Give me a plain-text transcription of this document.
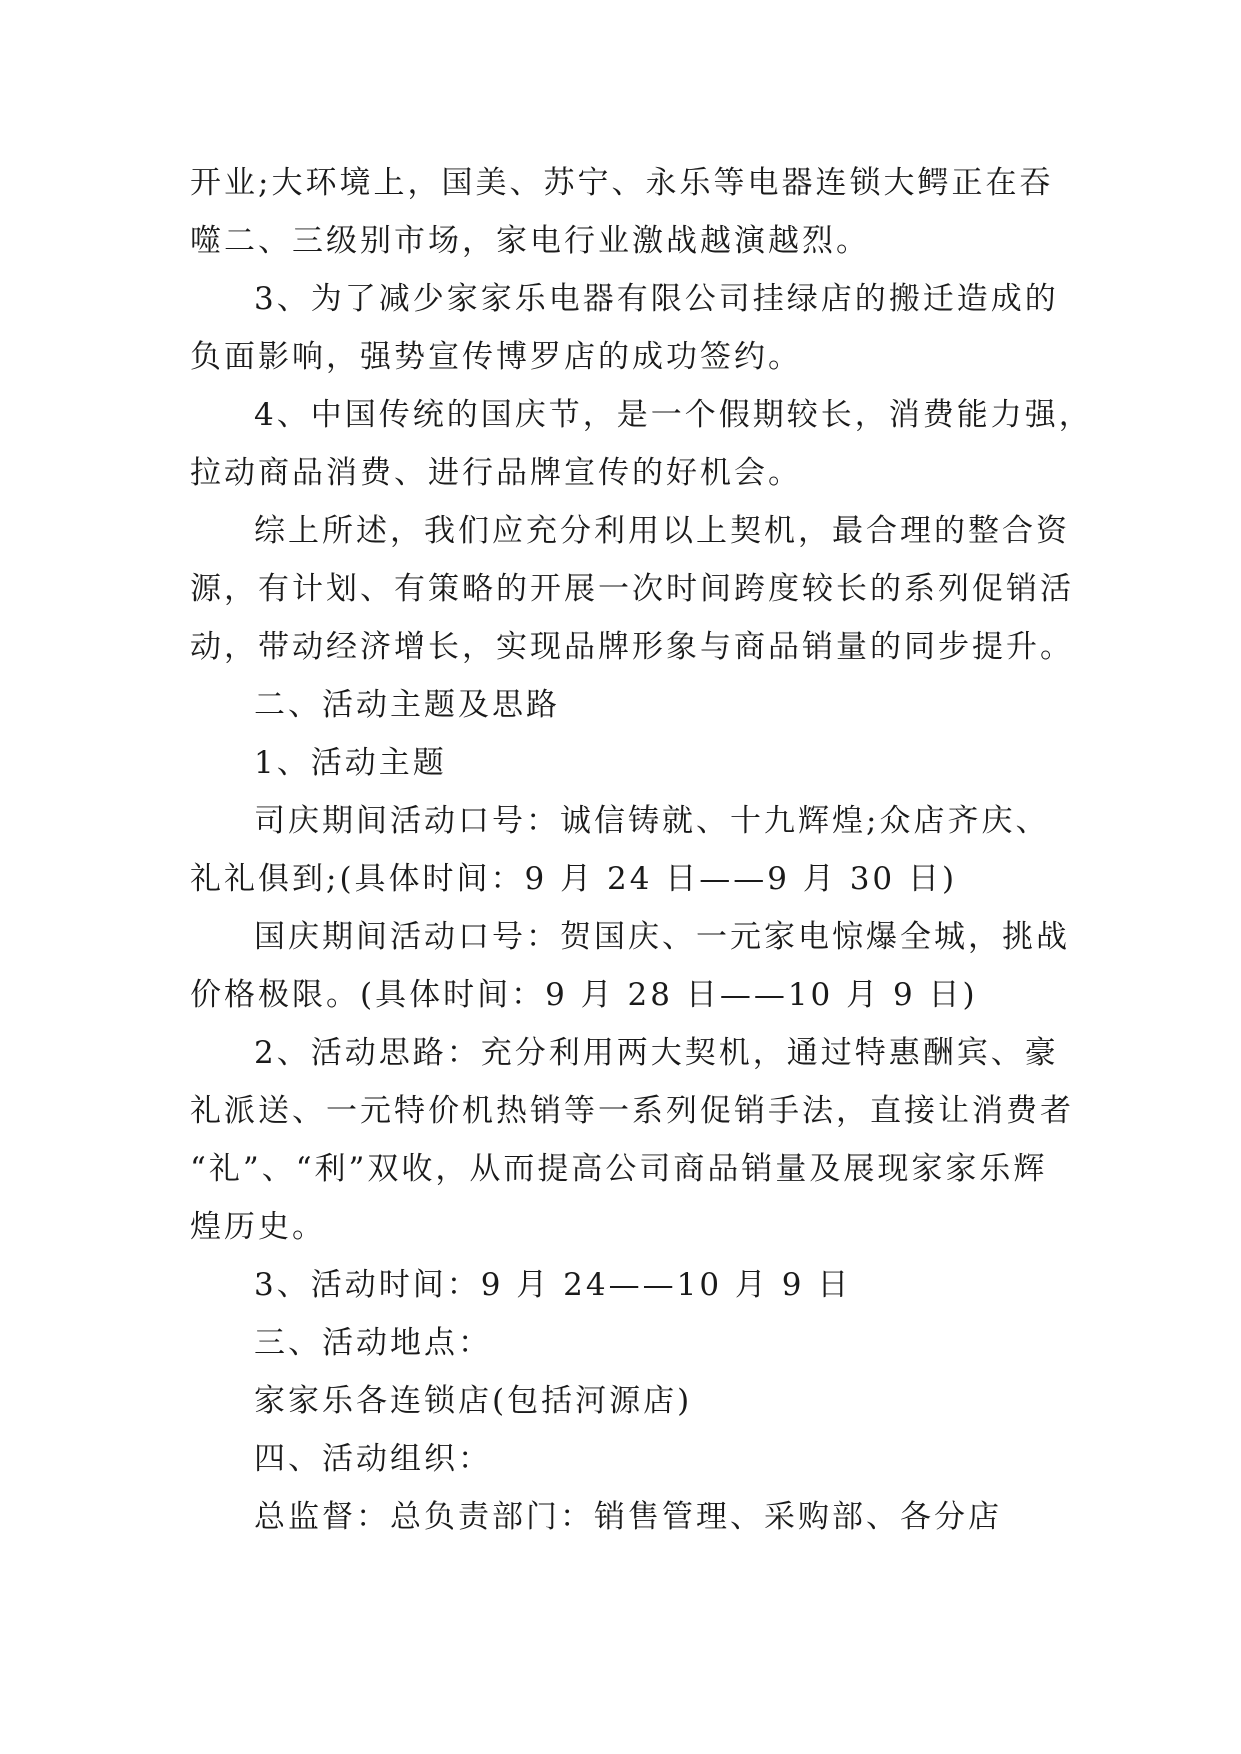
开业;大环境上，国美、苏宁、永乐等电器连锁大鳄正在吞
噬二、三级别市场，家电行业激战越演越烈。
3、为了减少家家乐电器有限公司挂绿店的搬迁造成的
负面影响，强势宣传博罗店的成功签约。
4、中国传统的国庆节，是一个假期较长，消费能力强，
拉动商品消费、进行品牌宣传的好机会。
综上所述，我们应充分利用以上契机，最合理的整合资
源，有计划、有策略的开展一次时间跨度较长的系列促销活
动，带动经济增长，实现品牌形象与商品销量的同步提升。
二、活动主题及思路
1、活动主题
司庆期间活动口号：诚信铸就、十九辉煌;众店齐庆、
礼礼俱到;(具体时间：9 月 24 日——9 月 30 日)
国庆期间活动口号：贺国庆、一元家电惊爆全城，挑战
价格极限。(具体时间：9 月 28 日——10 月 9 日)
2、活动思路：充分利用两大契机，通过特惠酬宾、豪
礼派送、一元特价机热销等一系列促销手法，直接让消费者
“礼”、“利”双收，从而提高公司商品销量及展现家家乐辉
煌历史。
3、活动时间：9 月 24——10 月 9 日
三、活动地点：
家家乐各连锁店(包括河源店)
四、活动组织：
总监督：总负责部门：销售管理、采购部、各分店
